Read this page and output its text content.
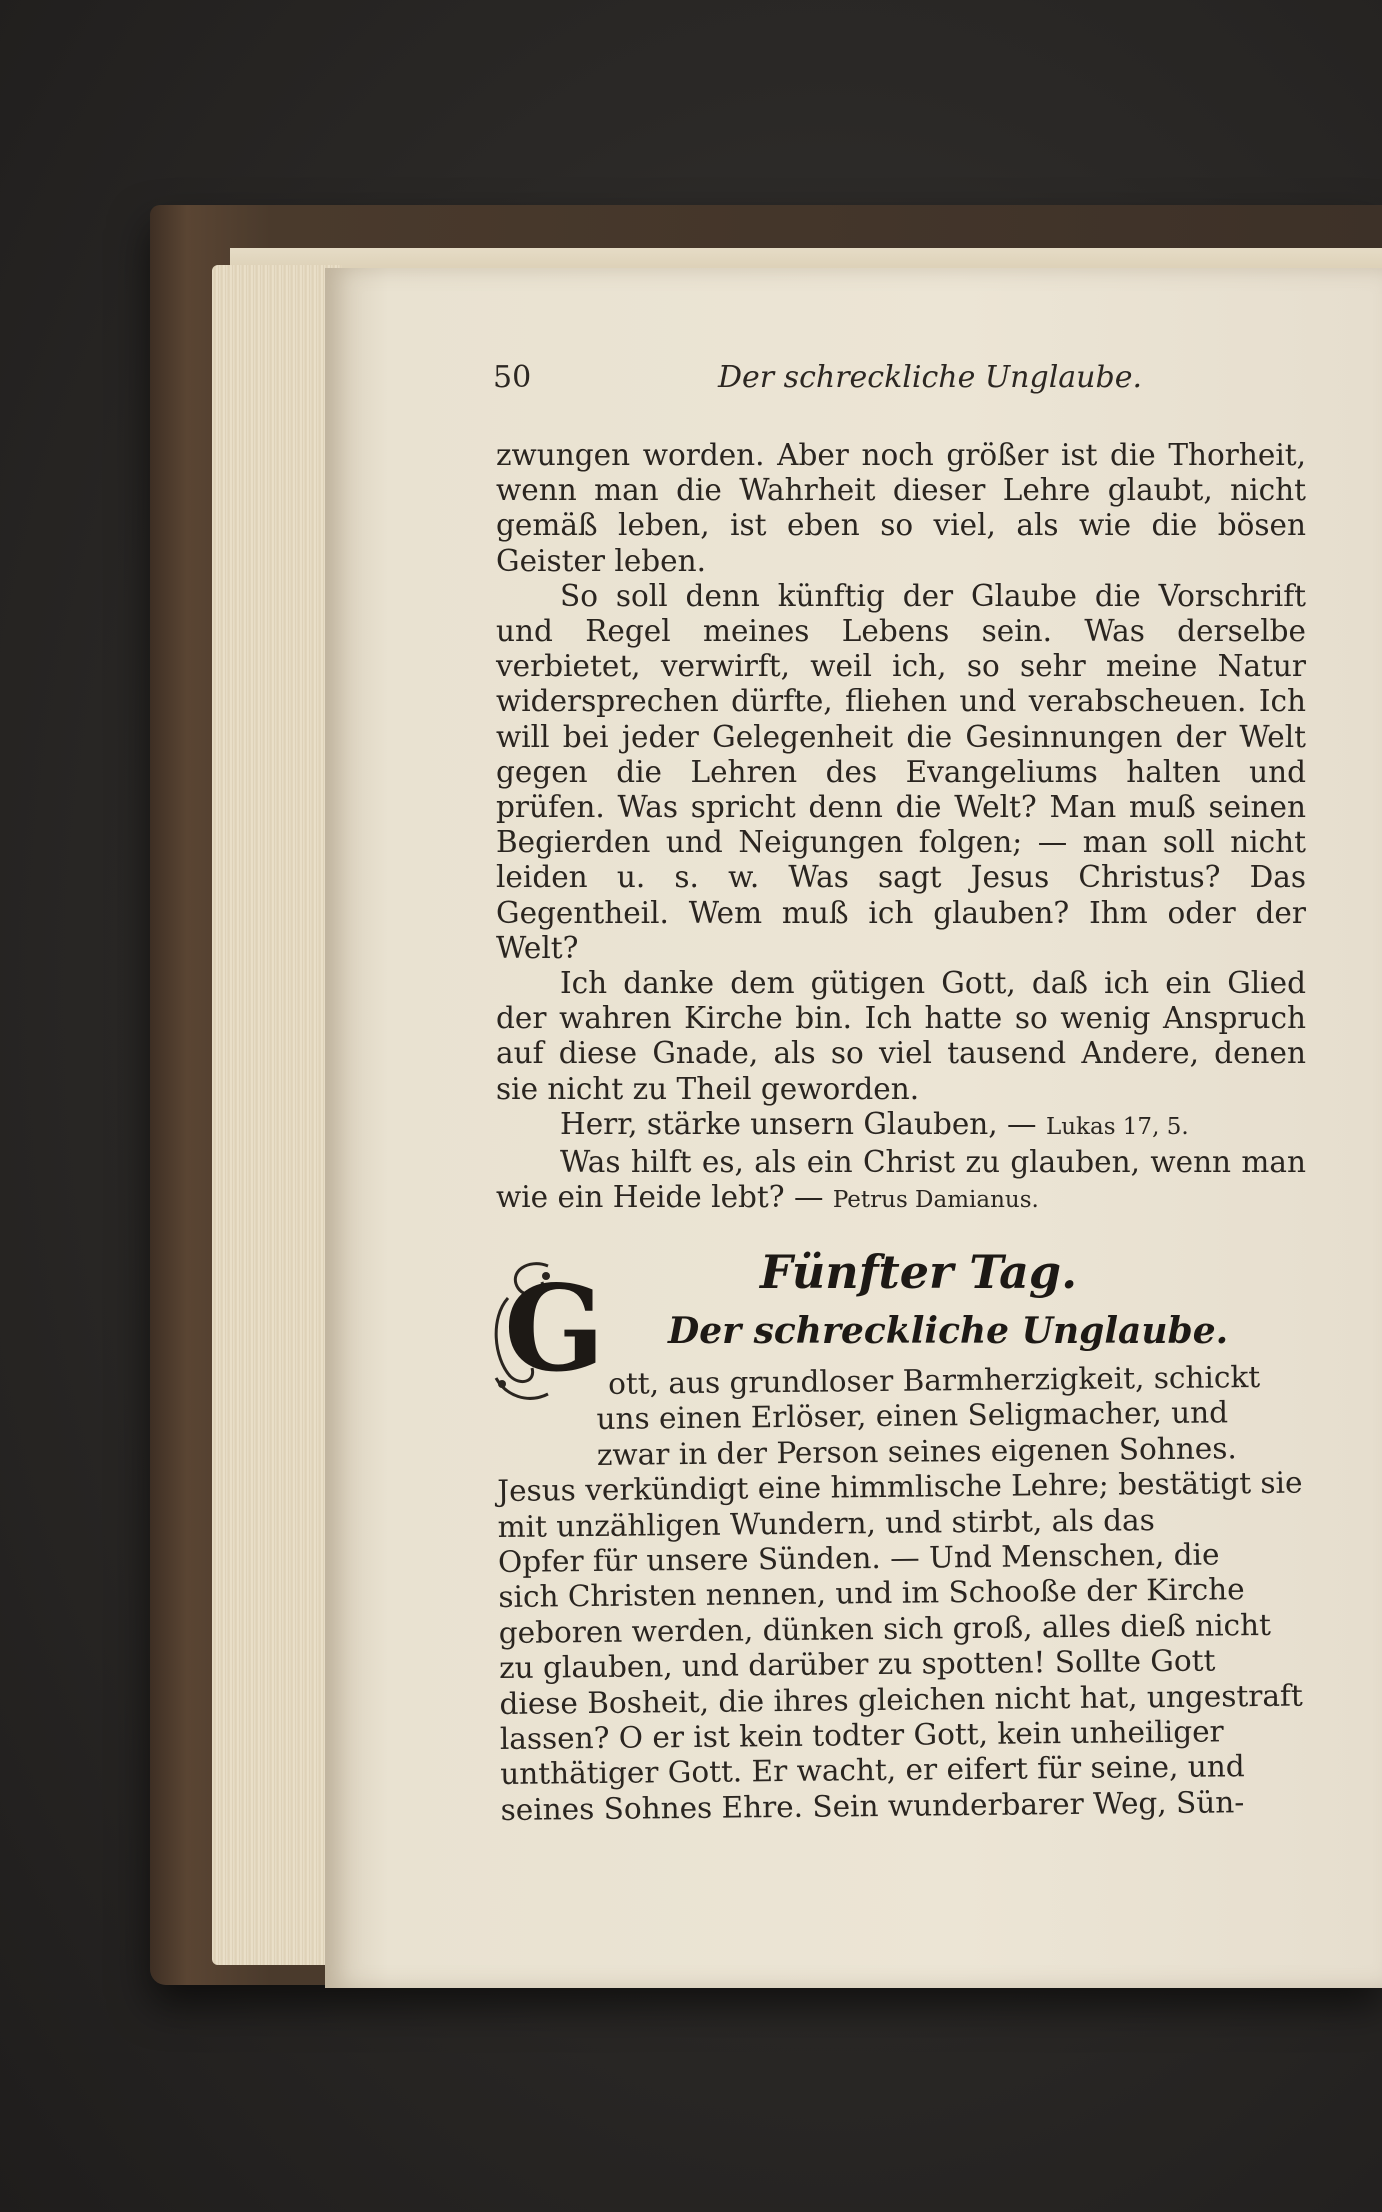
50	Der schreckliche Unglaube.

zwungen worden. Aber noch größer ist die Thorheit, wenn man die Wahrheit dieser Lehre glaubt, nicht gemäß leben, ist eben so viel, als wie die bösen Geister leben.

So soll denn künftig der Glaube die Vorschrift und Regel meines Lebens sein. Was derselbe verbietet, verwirft, weil ich, so sehr meine Natur widersprechen dürfte, fliehen und verabscheuen. Ich will bei jeder Gelegenheit die Gesinnungen der Welt gegen die Lehren des Evangeliums halten und prüfen. Was spricht denn die Welt? Man muß seinen Begierden und Neigungen folgen; — man soll nicht leiden u. s. w. Was sagt Jesus Christus? Das Gegentheil. Wem muß ich glauben? Ihm oder der Welt?

Ich danke dem gütigen Gott, daß ich ein Glied der wahren Kirche bin. Ich hatte so wenig Anspruch auf diese Gnade, als so viel tausend Andere, denen sie nicht zu Theil geworden.

Herr, stärke unsern Glauben, — Lukas 17, 5.

Was hilft es, als ein Christ zu glauben, wenn man wie ein Heide lebt? — Petrus Damianus.

Fünfter Tag.
G Der schreckliche Unglaube.
ott, aus grundloser Barmherzigkeit, schickt
uns einen Erlöser, einen Seligmacher, und
zwar in der Person seines eigenen Sohnes.
Jesus verkündigt eine himmlische Lehre; bestätigt sie
mit unzähligen Wundern, und stirbt, als das
Opfer für unsere Sünden. — Und Menschen, die
sich Christen nennen, und im Schooße der Kirche
geboren werden, dünken sich groß, alles dieß nicht
zu glauben, und darüber zu spotten! Sollte Gott
diese Bosheit, die ihres gleichen nicht hat, ungestraft
lassen? O er ist kein todter Gott, kein unheiliger
unthätiger Gott. Er wacht, er eifert für seine, und
seines Sohnes Ehre. Sein wunderbarer Weg, Sün-
